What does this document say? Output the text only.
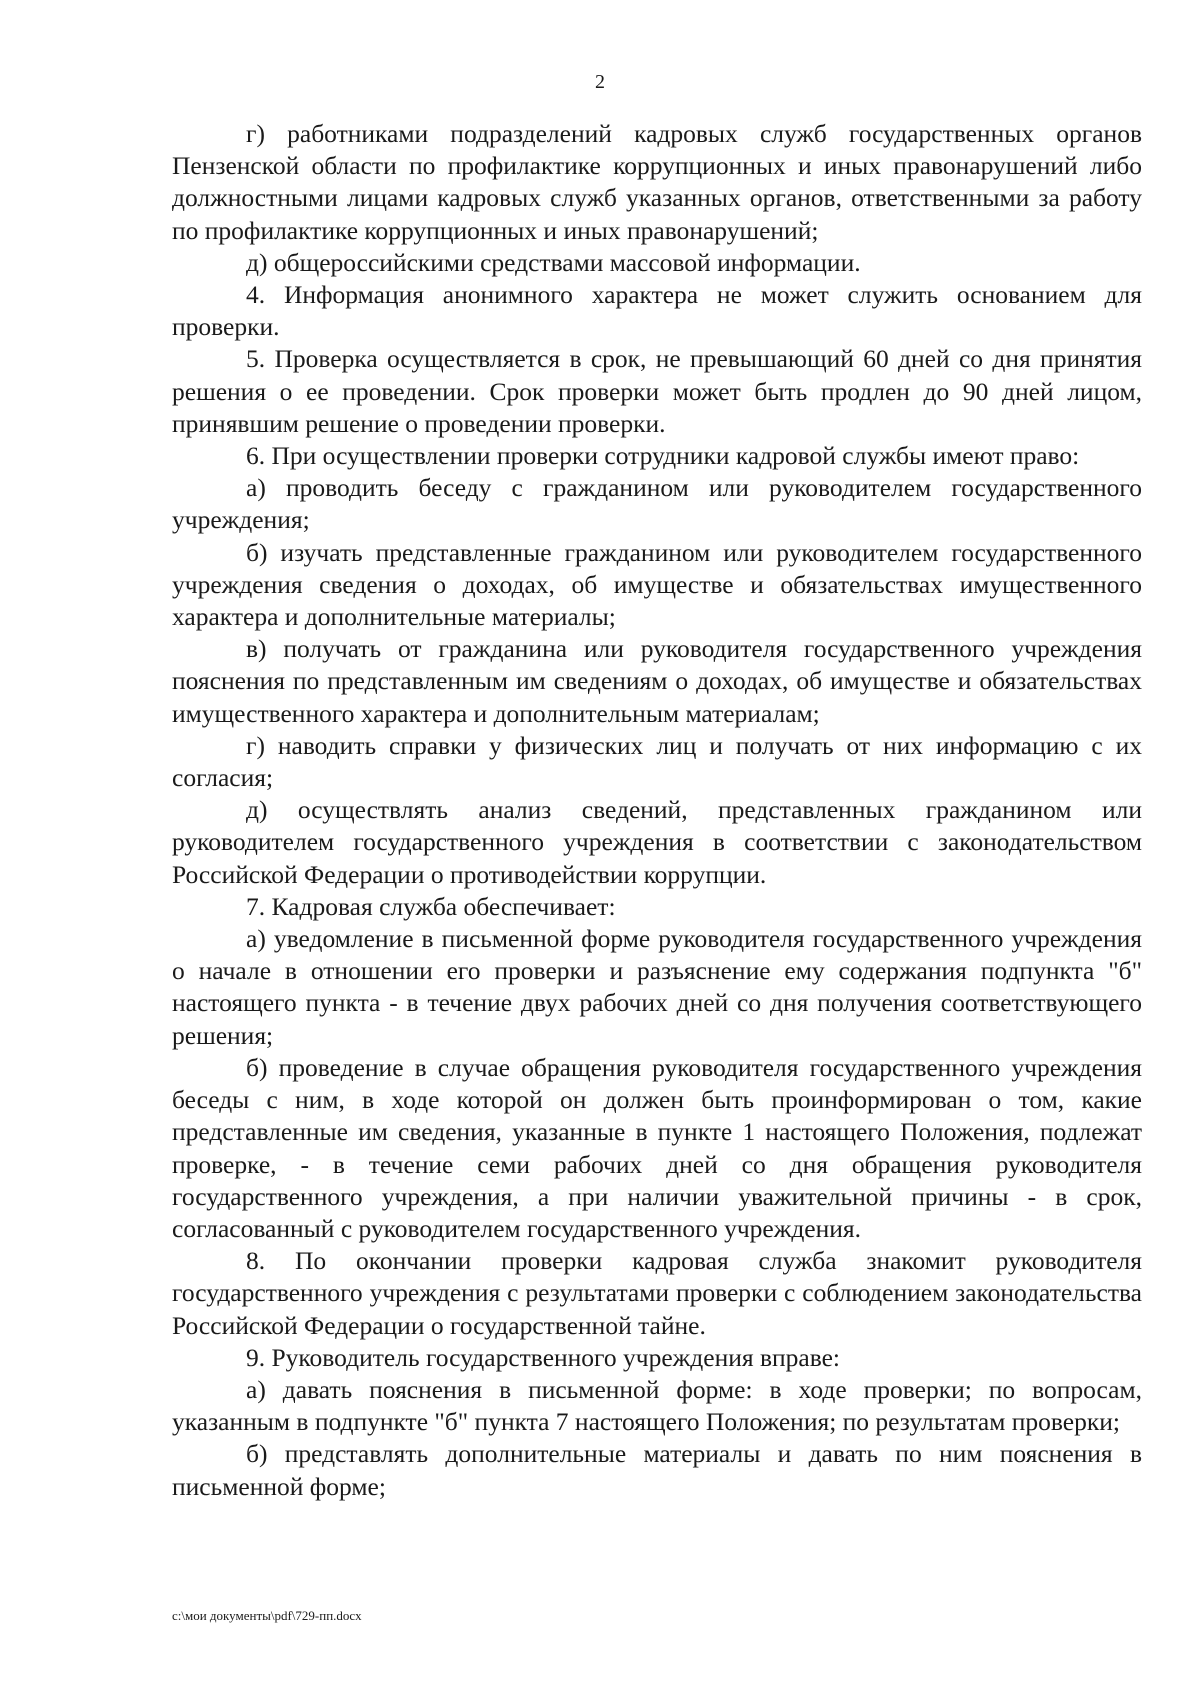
2

г) работниками подразделений кадровых служб государственных органов Пензенской области по профилактике коррупционных и иных правонарушений либо должностными лицами кадровых служб указанных органов, ответственными за работу по профилактике коррупционных и иных правонарушений;

д) общероссийскими средствами массовой информации.

4. Информация анонимного характера не может служить основанием для проверки.

5. Проверка осуществляется в срок, не превышающий 60 дней со дня принятия решения о ее проведении. Срок проверки может быть продлен до 90 дней лицом, принявшим решение о проведении проверки.

6. При осуществлении проверки сотрудники кадровой службы имеют право:

а) проводить беседу с гражданином или руководителем государственного учреждения;

б) изучать представленные гражданином или руководителем государственного учреждения сведения о доходах, об имуществе и обязательствах имущественного характера и дополнительные материалы;

в) получать от гражданина или руководителя государственного учреждения пояснения по представленным им сведениям о доходах, об имуществе и обязательствах имущественного характера и дополнительным материалам;

г) наводить справки у физических лиц и получать от них информацию с их согласия;

д) осуществлять анализ сведений, представленных гражданином или руководителем государственного учреждения в соответствии с законодательством Российской Федерации о противодействии коррупции.

7. Кадровая служба обеспечивает:

а) уведомление в письменной форме руководителя государственного учреждения о начале в отношении его проверки и разъяснение ему содержания подпункта "б" настоящего пункта - в течение двух рабочих дней со дня получения соответствующего решения;

б) проведение в случае обращения руководителя государственного учреждения беседы с ним, в ходе которой он должен быть проинформирован о том, какие представленные им сведения, указанные в пункте 1 настоящего Положения, подлежат проверке, - в течение семи рабочих дней со дня обращения руководителя государственного учреждения, а при наличии уважительной причины - в срок, согласованный с руководителем государственного учреждения.

8. По окончании проверки кадровая служба знакомит руководителя государственного учреждения с результатами проверки с соблюдением законодательства Российской Федерации о государственной тайне.

9. Руководитель государственного учреждения вправе:

а) давать пояснения в письменной форме: в ходе проверки; по вопросам, указанным в подпункте "б" пункта 7 настоящего Положения; по результатам проверки;

б) представлять дополнительные материалы и давать по ним пояснения в письменной форме;

c:\мои документы\pdf\729-пп.docx
